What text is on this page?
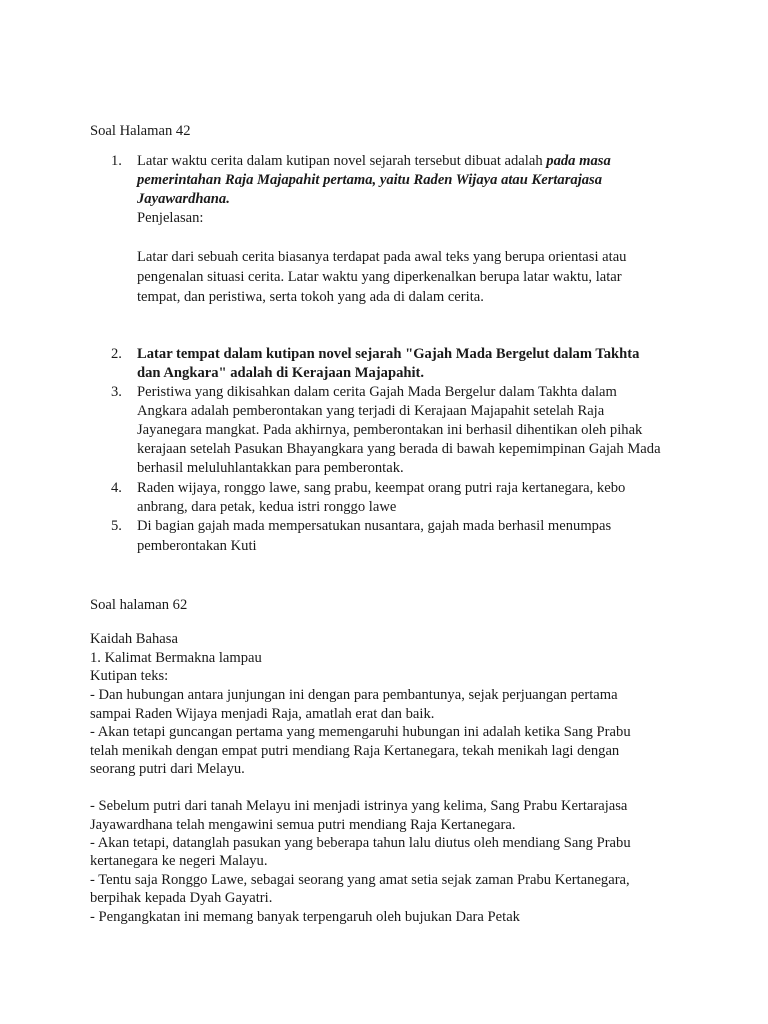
Soal Halaman 42
1. Latar waktu cerita dalam kutipan novel sejarah tersebut dibuat adalah pada masa
pemerintahan Raja Majapahit pertama, yaitu Raden Wijaya atau Kertarajasa
Jayawardhana.
Penjelasan:
Latar dari sebuah cerita biasanya terdapat pada awal teks yang berupa orientasi atau
pengenalan situasi cerita. Latar waktu yang diperkenalkan berupa latar waktu, latar
tempat, dan peristiwa, serta tokoh yang ada di dalam cerita.
2. Latar tempat dalam kutipan novel sejarah "Gajah Mada Bergelut dalam Takhta
dan Angkara" adalah di Kerajaan Majapahit.
3. Peristiwa yang dikisahkan dalam cerita Gajah Mada Bergelur dalam Takhta dalam
Angkara adalah pemberontakan yang terjadi di Kerajaan Majapahit setelah Raja
Jayanegara mangkat. Pada akhirnya, pemberontakan ini berhasil dihentikan oleh pihak
kerajaan setelah Pasukan Bhayangkara yang berada di bawah kepemimpinan Gajah Mada
berhasil meluluhlantakkan para pemberontak.
4. Raden wijaya, ronggo lawe, sang prabu, keempat orang putri raja kertanegara, kebo
anbrang, dara petak, kedua istri ronggo lawe
5. Di bagian gajah mada mempersatukan nusantara, gajah mada berhasil menumpas
pemberontakan Kuti
Soal halaman 62
Kaidah Bahasa
1. Kalimat Bermakna lampau
Kutipan teks:
- Dan hubungan antara junjungan ini dengan para pembantunya, sejak perjuangan pertama
sampai Raden Wijaya menjadi Raja, amatlah erat dan baik.
- Akan tetapi guncangan pertama yang memengaruhi hubungan ini adalah ketika Sang Prabu
telah menikah dengan empat putri mendiang Raja Kertanegara, tekah menikah lagi dengan
seorang putri dari Melayu.
- Sebelum putri dari tanah Melayu ini menjadi istrinya yang kelima, Sang Prabu Kertarajasa
Jayawardhana telah mengawini semua putri mendiang Raja Kertanegara.
- Akan tetapi, datanglah pasukan yang beberapa tahun lalu diutus oleh mendiang Sang Prabu
kertanegara ke negeri Malayu.
- Tentu saja Ronggo Lawe, sebagai seorang yang amat setia sejak zaman Prabu Kertanegara,
berpihak kepada Dyah Gayatri.
- Pengangkatan ini memang banyak terpengaruh oleh bujukan Dara Petak
